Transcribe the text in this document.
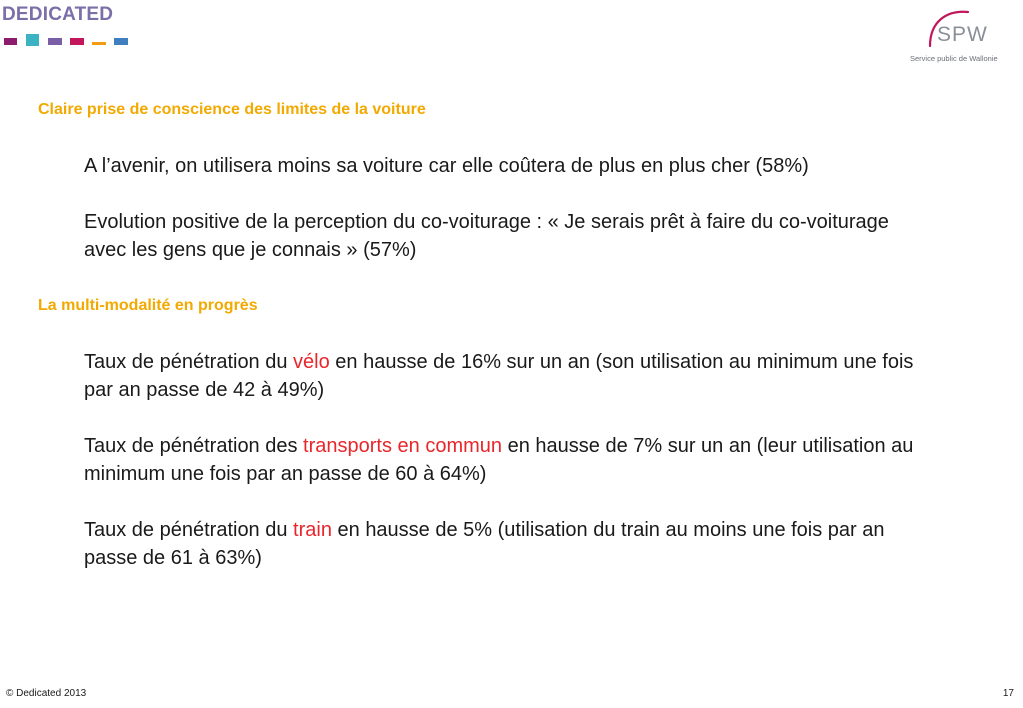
DEDICATED
SPW
Service public de Wallonie
Claire prise de conscience des limites de la voiture
A l’avenir, on utilisera moins sa voiture car elle coûtera de plus en plus cher (58%)
Evolution positive de la perception du co-voiturage : « Je serais prêt à faire du co-voiturage avec les gens que je connais » (57%)
La multi-modalité en progrès
Taux de pénétration du vélo en hausse de 16% sur un an (son utilisation au minimum une fois par an passe de 42 à 49%)
Taux de pénétration des transports en commun en hausse de 7% sur un an (leur utilisation au minimum une fois par an passe de 60 à 64%)
Taux de pénétration du train en hausse de 5% (utilisation du train au moins une fois par an passe de 61 à 63%)
© Dedicated 2013	17
